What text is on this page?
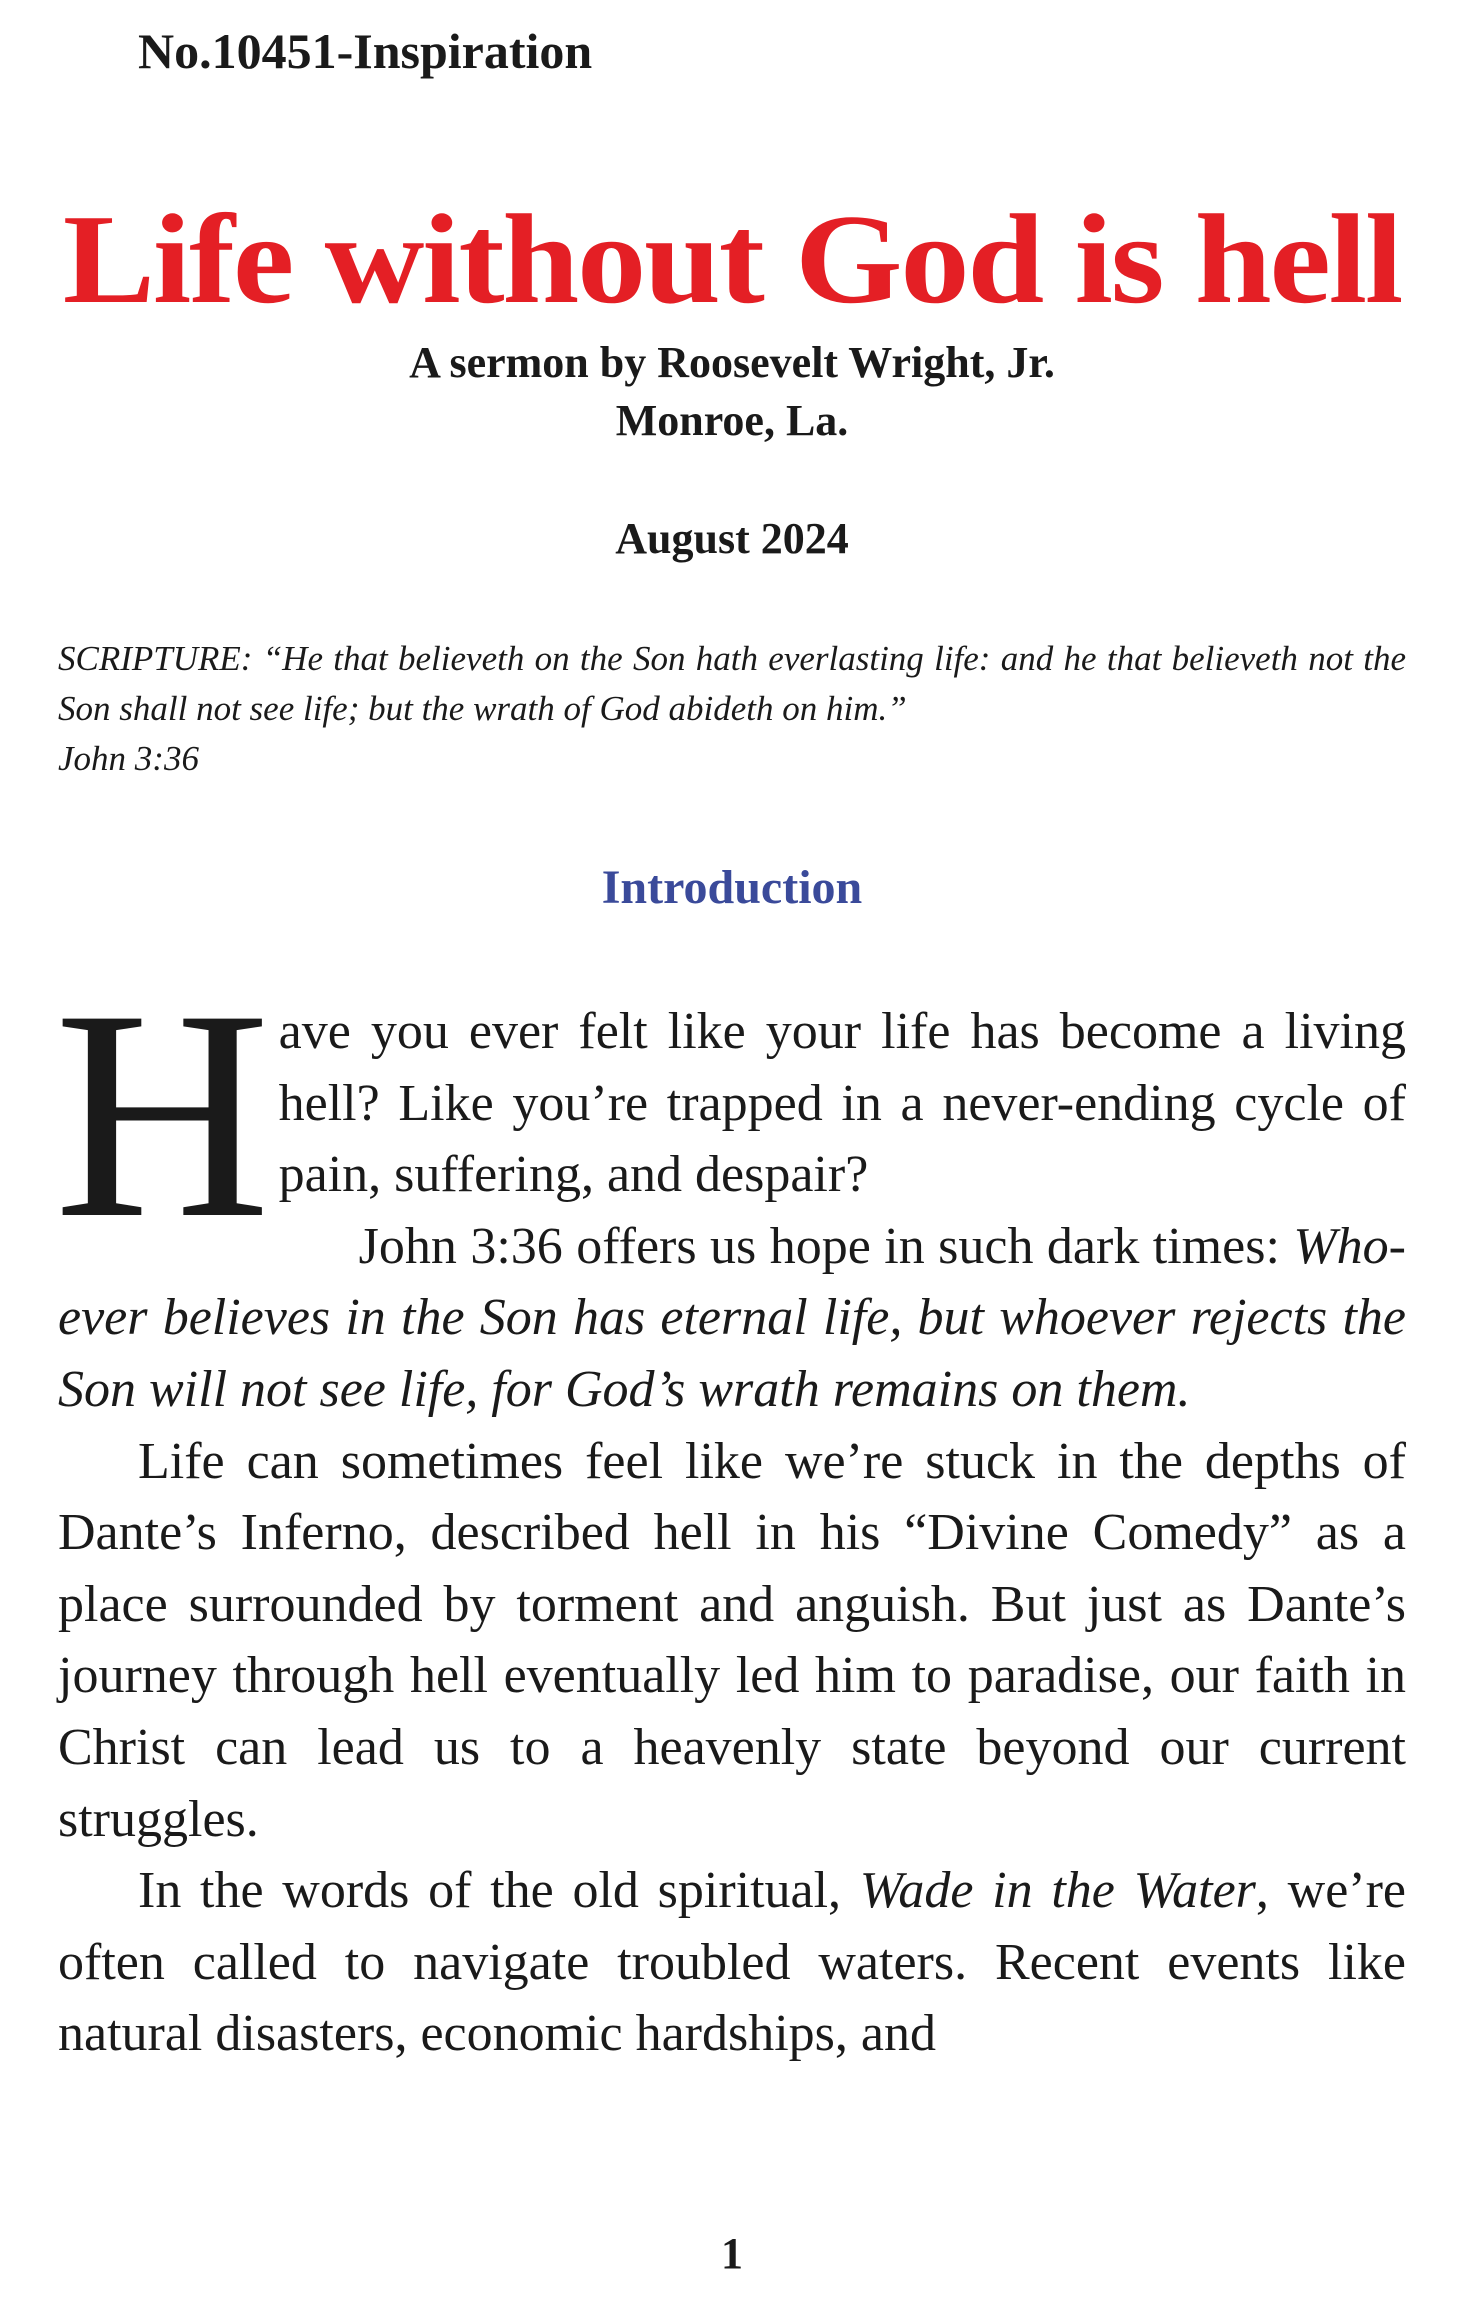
No.10451-Inspiration
Life without God is hell
A sermon by Roosevelt Wright, Jr.
Monroe, La.
August 2024
SCRIPTURE: “He that believeth on the Son hath everlasting life: and he that believeth not the Son shall not see life; but the wrath of God abideth on him.”
John 3:36
Introduction

Have you ever felt like your life has become a living hell? Like you’re trapped in a never-ending cycle of pain, suffering, and despair?

John 3:36 offers us hope in such dark times: Whoever believes in the Son has eternal life, but whoever rejects the Son will not see life, for God’s wrath remains on them.

Life can sometimes feel like we’re stuck in the depths of Dante’s Inferno, described hell in his “Divine Comedy” as a place surrounded by torment and anguish. But just as Dante’s journey through hell eventually led him to paradise, our faith in Christ can lead us to a heavenly state beyond our current struggles.

In the words of the old spiritual, Wade in the Water, we’re often called to navigate troubled waters. Recent events like natural disasters, economic hardships, and

1
